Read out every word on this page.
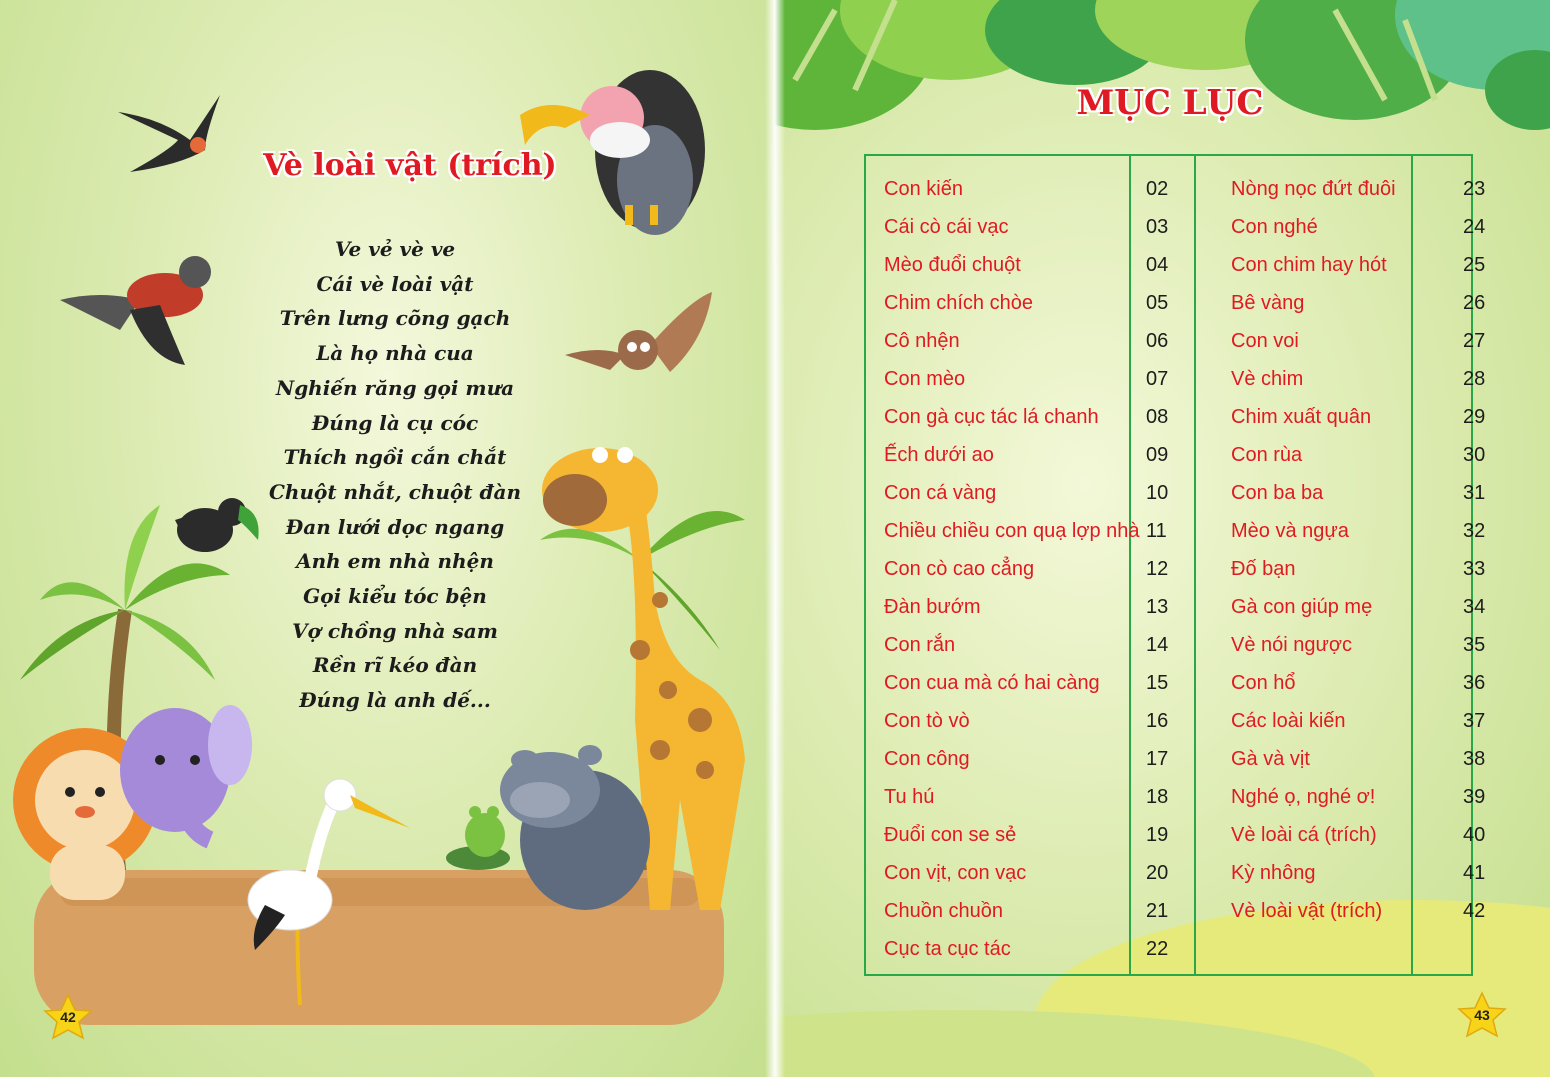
Vè loài vật (trích)
Ve vẻ vè ve
Cái vè loài vật
Trên lưng cõng gạch
Là họ nhà cua
Nghiến răng gọi mưa
Đúng là cụ cóc
Thích ngồi cắn chắt
Chuột nhắt, chuột đàn
Đan lưới dọc ngang
Anh em nhà nhện
Gọi kiểu tóc bện
Vợ chồng nhà sam
Rền rĩ kéo đàn
Đúng là anh dế...
42
MỤC LỤC
Con kiến	02
Cái cò cái vạc	03
Mèo đuổi chuột	04
Chim chích chòe	05
Cô nhện	06
Con mèo	07
Con gà cục tác lá chanh 08
Ếch dưới ao	09
Con cá vàng	10
Chiều chiều con quạ lợp nhà 11
Con cò cao cẳng	12
Đàn bướm	13
Con rắn	14
Con cua mà có hai càng 15
Con tò vò	16
Con công	17
Tu hú	18
Đuổi con se sẻ	19
Con vịt, con vạc	20
Chuồn chuồn	21
Cục ta cục tác	22
Nòng nọc đứt đuôi	23
Con nghé	24
Con chim hay hót	25
Bê vàng	26
Con voi	27
Vè chim	28
Chim xuất quân	29
Con rùa	30
Con ba ba	31
Mèo và ngựa	32
Đố bạn	33
Gà con giúp mẹ	34
Vè nói ngược	35
Con hổ	36
Các loài kiến	37
Gà và vịt	38
Nghé ọ, nghé ơ!	39
Vè loài cá (trích)	40
Kỳ nhông	41
Vè loài vật (trích)	42
43
